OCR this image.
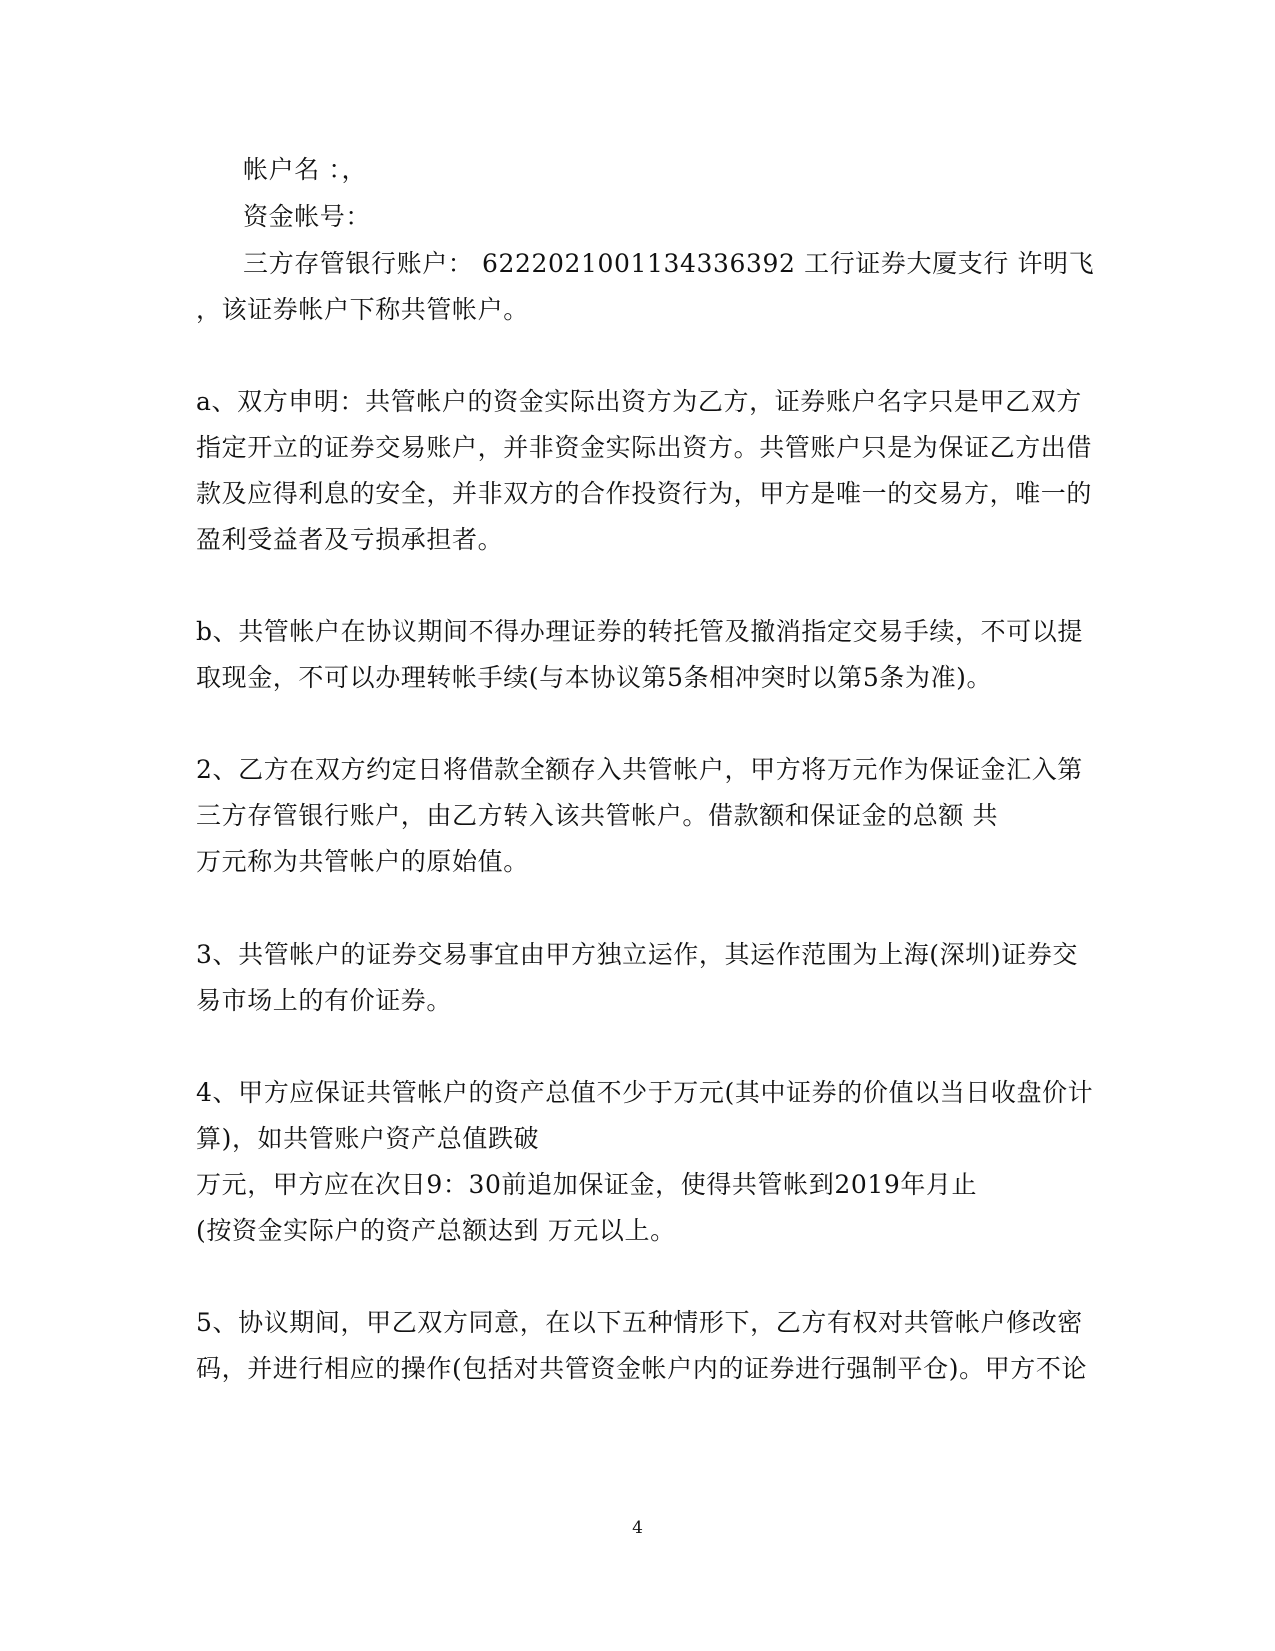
帐户名 ：，
资金帐号：
三方存管银行账户： 6222021001134336392 工行证券大厦支行 许明飞
，该证券帐户下称共管帐户。
a、双方申明：共管帐户的资金实际出资方为乙方，证券账户名字只是甲乙双方
指定开立的证券交易账户，并非资金实际出资方。共管账户只是为保证乙方出借
款及应得利息的安全，并非双方的合作投资行为，甲方是唯一的交易方，唯一的
盈利受益者及亏损承担者。
b、共管帐户在协议期间不得办理证券的转托管及撤消指定交易手续，不可以提
取现金，不可以办理转帐手续(与本协议第5条相冲突时以第5条为准)。
2、乙方在双方约定日将借款全额存入共管帐户，甲方将万元作为保证金汇入第
三方存管银行账户，由乙方转入该共管帐户。借款额和保证金的总额 共
万元称为共管帐户的原始值。
3、共管帐户的证券交易事宜由甲方独立运作，其运作范围为上海(深圳)证券交
易市场上的有价证券。
4、甲方应保证共管帐户的资产总值不少于万元(其中证券的价值以当日收盘价计
算)，如共管账户资产总值跌破
万元，甲方应在次日9：30前追加保证金，使得共管帐到2019年月止
(按资金实际户的资产总额达到 万元以上。
5、协议期间，甲乙双方同意，在以下五种情形下，乙方有权对共管帐户修改密
码，并进行相应的操作(包括对共管资金帐户内的证券进行强制平仓)。甲方不论
4
